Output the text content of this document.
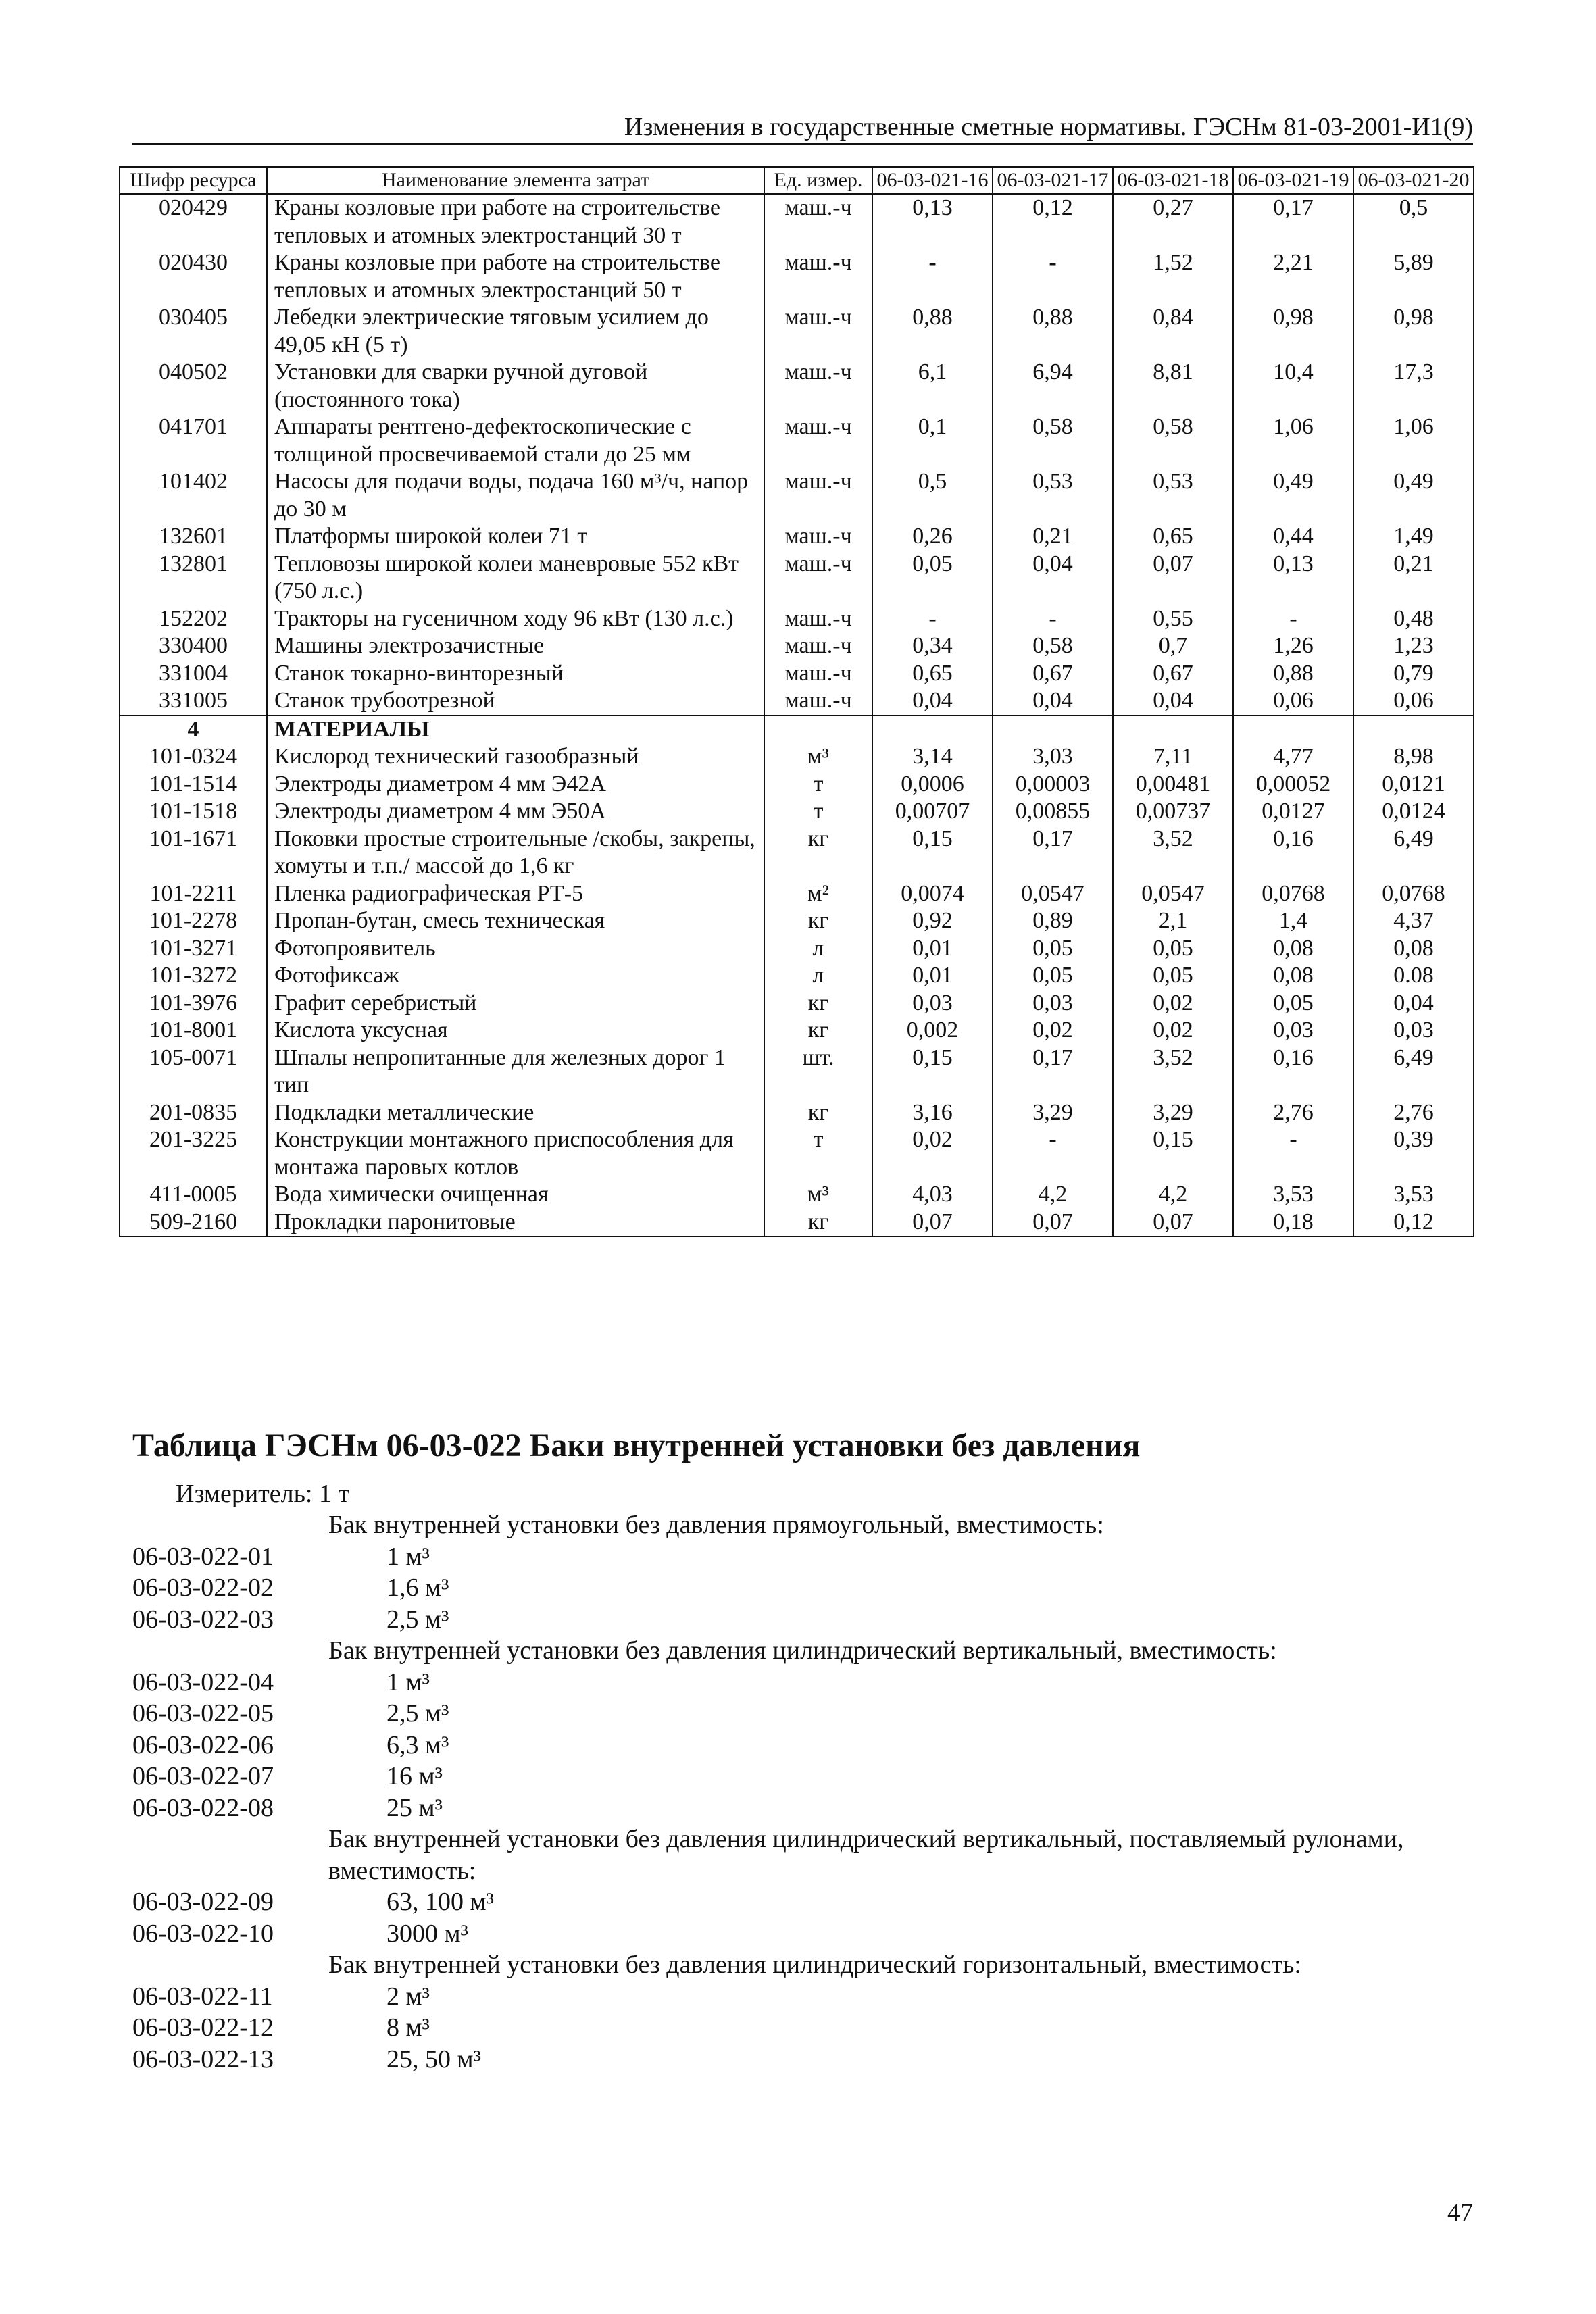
Изменения в государственные сметные нормативы. ГЭСНм 81-03-2001-И1(9)
Шифр ресурса	Наименование элемента затрат	Ед. измер.	06-03-021-16	06-03-021-17	06-03-021-18	06-03-021-19	06-03-021-20
020429	Краны козловые при работе на строительстве тепловых и атомных электростанций 30 т	маш.-ч	0,13	0,12	0,27	0,17	0,5
020430	Краны козловые при работе на строительстве тепловых и атомных электростанций 50 т	маш.-ч	-	-	1,52	2,21	5,89
030405	Лебедки электрические тяговым усилием до 49,05 кН (5 т)	маш.-ч	0,88	0,88	0,84	0,98	0,98
040502	Установки для сварки ручной дуговой (постоянного тока)	маш.-ч	6,1	6,94	8,81	10,4	17,3
041701	Аппараты рентгено-дефектоскопические с толщиной просвечиваемой стали до 25 мм	маш.-ч	0,1	0,58	0,58	1,06	1,06
101402	Насосы для подачи воды, подача 160 м³/ч, напор до 30 м	маш.-ч	0,5	0,53	0,53	0,49	0,49
132601	Платформы широкой колеи 71 т	маш.-ч	0,26	0,21	0,65	0,44	1,49
132801	Тепловозы широкой колеи маневровые 552 кВт (750 л.с.)	маш.-ч	0,05	0,04	0,07	0,13	0,21
152202	Тракторы на гусеничном ходу 96 кВт (130 л.с.)	маш.-ч	-	-	0,55	-	0,48
330400	Машины электрозачистные	маш.-ч	0,34	0,58	0,7	1,26	1,23
331004	Станок токарно-винторезный	маш.-ч	0,65	0,67	0,67	0,88	0,79
331005	Станок трубоотрезной	маш.-ч	0,04	0,04	0,04	0,06	0,06
4	МАТЕРИАЛЫ						
101-0324	Кислород технический газообразный	м³	3,14	3,03	7,11	4,77	8,98
101-1514	Электроды диаметром 4 мм Э42А	т	0,0006	0,00003	0,00481	0,00052	0,0121
101-1518	Электроды диаметром 4 мм Э50А	т	0,00707	0,00855	0,00737	0,0127	0,0124
101-1671	Поковки простые строительные /скобы, закрепы, хомуты и т.п./ массой до 1,6 кг	кг	0,15	0,17	3,52	0,16	6,49
101-2211	Пленка радиографическая РТ-5	м²	0,0074	0,0547	0,0547	0,0768	0,0768
101-2278	Пропан-бутан, смесь техническая	кг	0,92	0,89	2,1	1,4	4,37
101-3271	Фотопроявитель	л	0,01	0,05	0,05	0,08	0,08
101-3272	Фотофиксаж	л	0,01	0,05	0,05	0,08	0.08
101-3976	Графит серебристый	кг	0,03	0,03	0,02	0,05	0,04
101-8001	Кислота уксусная	кг	0,002	0,02	0,02	0,03	0,03
105-0071	Шпалы непропитанные для железных дорог 1 тип	шт.	0,15	0,17	3,52	0,16	6,49
201-0835	Подкладки металлические	кг	3,16	3,29	3,29	2,76	2,76
201-3225	Конструкции монтажного приспособления для монтажа паровых котлов	т	0,02	-	0,15	-	0,39
411-0005	Вода химически очищенная	м³	4,03	4,2	4,2	3,53	3,53
509-2160	Прокладки паронитовые	кг	0,07	0,07	0,07	0,18	0,12
Таблица ГЭСНм 06-03-022 Баки внутренней установки без давления
Измеритель: 1 т
Бак внутренней установки без давления прямоугольный, вместимость:
06-03-022-01	1 м³
06-03-022-02	1,6 м³
06-03-022-03	2,5 м³
Бак внутренней установки без давления цилиндрический вертикальный, вместимость:
06-03-022-04	1 м³
06-03-022-05	2,5 м³
06-03-022-06	6,3 м³
06-03-022-07	16 м³
06-03-022-08	25 м³
Бак внутренней установки без давления цилиндрический вертикальный, поставляемый рулонами, вместимость:
06-03-022-09	63, 100 м³
06-03-022-10	3000 м³
Бак внутренней установки без давления цилиндрический горизонтальный, вместимость:
06-03-022-11	2 м³
06-03-022-12	8 м³
06-03-022-13	25, 50 м³
47
